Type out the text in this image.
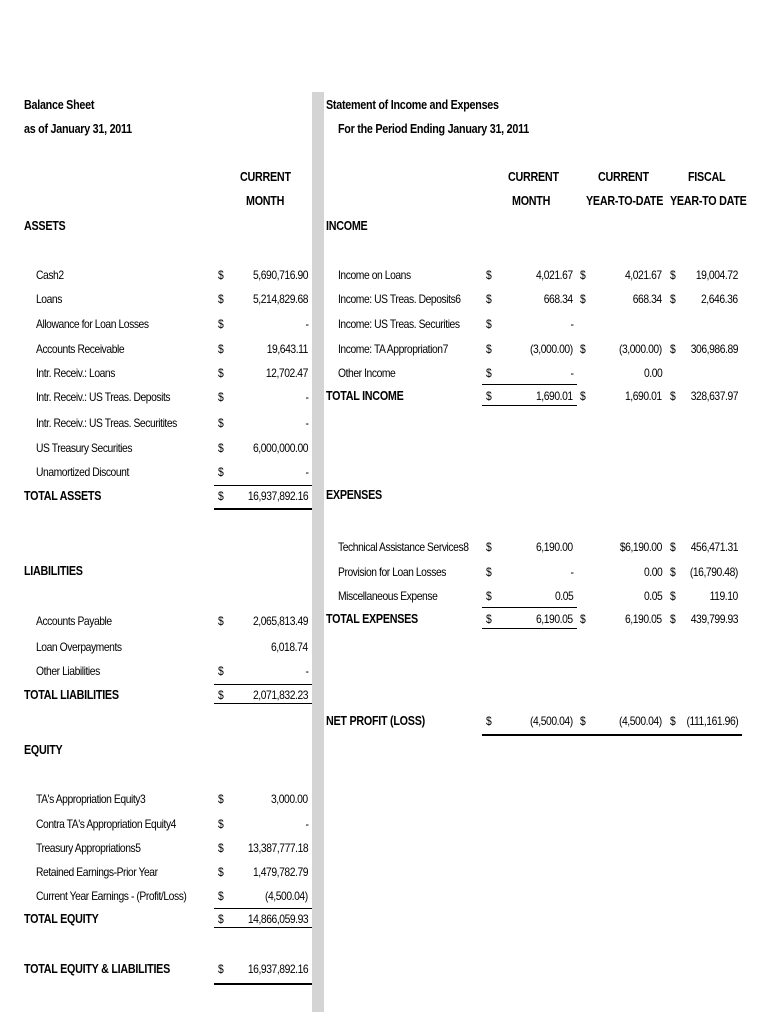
Balance Sheet
as of January 31, 2011
CURRENT
MONTH
ASSETS
Cash2	$	5,690,716.90
Loans	$	5,214,829.68
Allowance for Loan Losses	$	-
Accounts Receivable	$	19,643.11
Intr. Receiv.: Loans	$	12,702.47
Intr. Receiv.: US Treas. Deposits	$	-
Intr. Receiv.: US Treas. Securitites	$	-
US Treasury Securities	$	6,000,000.00
Unamortized Discount	$	-
TOTAL ASSETS	$	16,937,892.16
LIABILITIES
Accounts Payable	$	2,065,813.49
Loan Overpayments	6,018.74
Other Liabilities	$	-
TOTAL LIABILITIES	$	2,071,832.23
EQUITY
TA's Appropriation Equity3	$	3,000.00
Contra TA's Appropriation Equity4	$	-
Treasury Appropriations5	$	13,387,777.18
Retained Earnings-Prior Year	$	1,479,782.79
Current Year Earnings - (Profit/Loss)	$	(4,500.04)
TOTAL EQUITY	$	14,866,059.93
TOTAL EQUITY & LIABILITIES	$	16,937,892.16
Statement of Income and Expenses
For the Period Ending January 31, 2011
CURRENT
MONTH
CURRENT
YEAR-TO-DATE
FISCAL
YEAR-TO DATE
INCOME
EXPENSES
Income on Loans	$	4,021.67 $	4,021.67 $	19,004.72
Income: US Treas. Deposits6	$	668.34 $	668.34 $	2,646.36
Income: US Treas. Securities	$	-
Income: TA Appropriation7	$	(3,000.00) $	(3,000.00) $	306,986.89
Other Income	$	-	0.00
TOTAL INCOME	$	1,690.01 $	1,690.01 $	328,637.97
Technical Assistance Services8	$	6,190.00	$6,190.00 $	456,471.31
Provision for Loan Losses	$	-	0.00 $	(16,790.48)
Miscellaneous Expense	$	0.05	0.05 $	119.10
TOTAL EXPENSES	$	6,190.05 $	6,190.05 $	439,799.93
NET PROFIT (LOSS)	$	(4,500.04) $	(4,500.04) $ (111,161.96)
